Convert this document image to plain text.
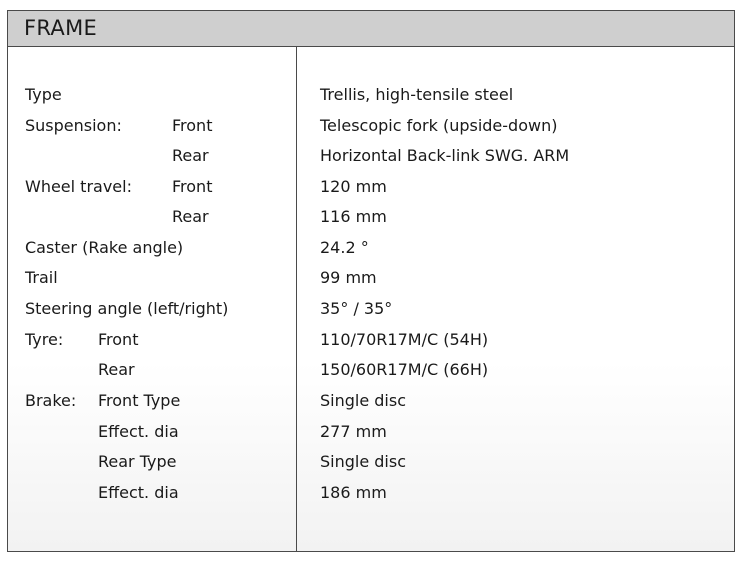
FRAME
Type	Trellis, high-tensile steel
Suspension:	Front	Telescopic fork (upside-down)
Rear	Horizontal Back-link SWG. ARM
Wheel travel:	Front	120 mm
Rear	116 mm
Caster (Rake angle)	24.2 °
Trail	99 mm
Steering angle (left/right)	35° / 35°
Tyre: Front	110/70R17M/C (54H)
Rear	150/60R17M/C (66H)
Brake: Front Type	Single disc
Effect. dia	277 mm
Rear Type	Single disc
Effect. dia	186 mm
